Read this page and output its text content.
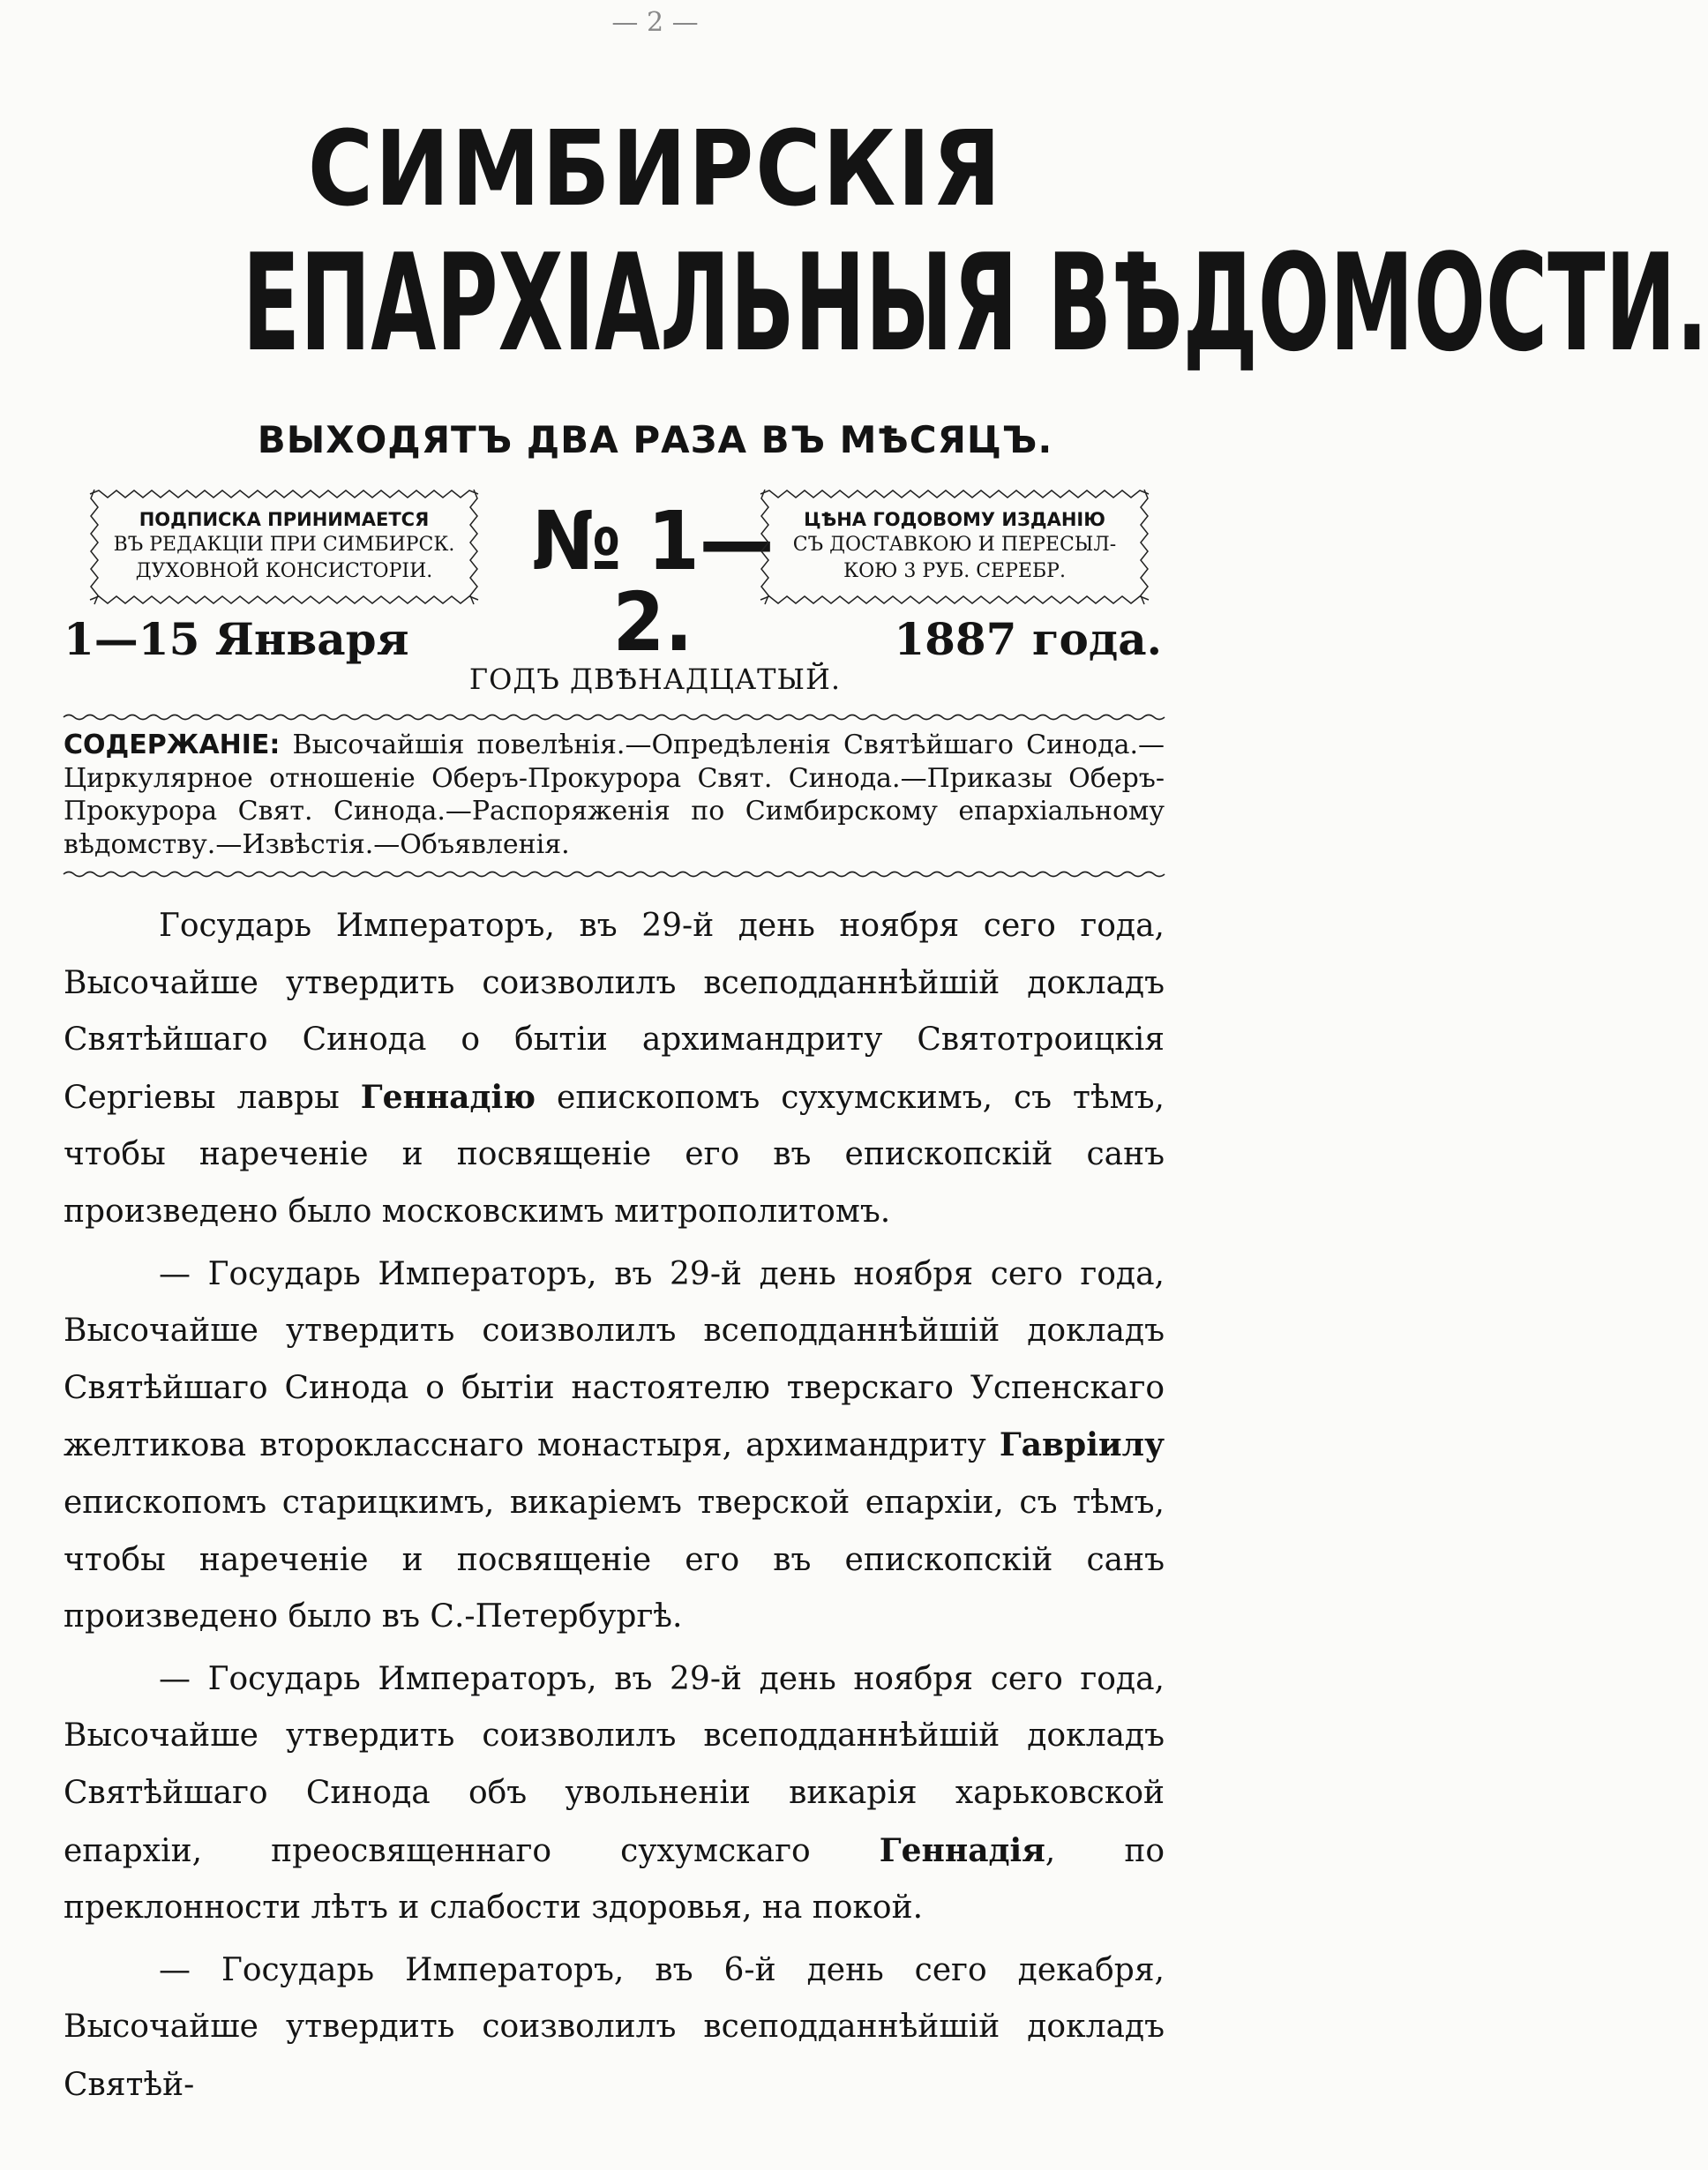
— 2 —
СИМБИРСКІЯ
ЕПАРХІАЛЬНЫЯ ВѢДОМОСТИ.
ВЫХОДЯТЪ ДВА РАЗА ВЪ МѢСЯЦЪ.
ПОДПИСКА ПРИНИМАЕТСЯ
ВЪ РЕДАКЦІИ ПРИ СИМБИРСК.
ДУХОВНОЙ КОНСИСТОРІИ.	№ 1—2.
ЦѢНА ГОДОВОМУ ИЗДАНІЮ
СЪ ДОСТАВКОЮ И ПЕРЕСЫЛ-
КОЮ 3 РУБ. СЕРЕБР.
1—15 Января	1887 года.
ГОДЪ ДВѢНАДЦАТЫЙ.
СОДЕРЖАНІЕ: Высочайшія повелѣнія.—Опредѣленія Святѣйшаго Синода.—Циркулярное отношеніе Оберъ-Прокурора Свят. Синода.—Приказы Оберъ-Прокурора Свят. Синода.—Распоряженія по Симбирскому епархіальному вѣдомству.—Извѣстія.—Объявленія.

Государь Императоръ, въ 29-й день ноября сего года, Высочайше утвердить соизволилъ всеподданнѣйшій докладъ Святѣйшаго Синода о бытіи архимандриту Святотроицкія Сергіевы лавры Геннадію епископомъ сухумскимъ, съ тѣмъ, чтобы нареченіе и посвященіе его въ епископскій санъ произведено было московскимъ митрополитомъ.

— Государь Императоръ, въ 29-й день ноября сего года, Высочайше утвердить соизволилъ всеподданнѣйшій докладъ Святѣйшаго Синода о бытіи настоятелю тверскаго Успенскаго желтикова второкласснаго монастыря, архимандриту Гавріилу епископомъ старицкимъ, викаріемъ тверской епархіи, съ тѣмъ, чтобы нареченіе и посвященіе его въ епископскій санъ произведено было въ С.-Петербургѣ.

— Государь Императоръ, въ 29-й день ноября сего года, Высочайше утвердить соизволилъ всеподданнѣйшій докладъ Святѣйшаго Синода объ увольненіи викарія харьковской епархіи, преосвященнаго сухумскаго Геннадія, по преклонности лѣтъ и слабости здоровья, на покой.

— Государь Императоръ, въ 6-й день сего декабря, Высочайше утвердить соизволилъ всеподданнѣйшій докладъ Святѣй-
